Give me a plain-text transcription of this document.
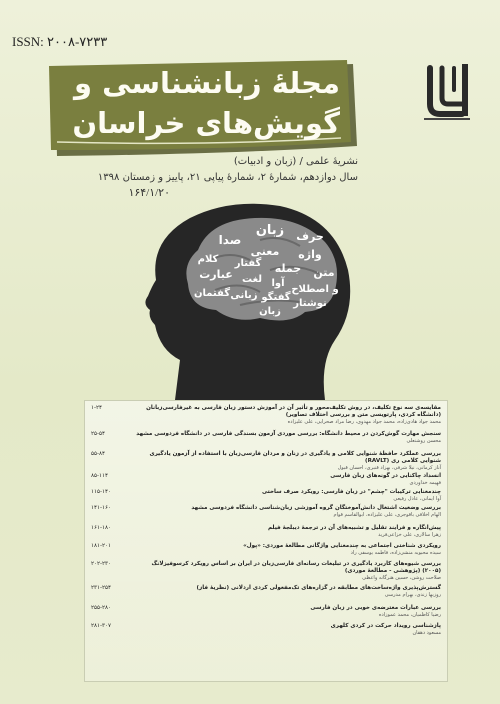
ISSN: ۲۰۰۸-۷۲۳۳
مجلۀ زبانشناسی و
گویش‌های خراسان
نشریۀ علمی / (زبان و ادبیات)
سال دوازدهم، شمارۀ ۲، شمارۀ پیاپی ۲۱، پاییز و زمستان ۱۳۹۸
۱۶۴/۱/۲۰
زبان حرف
صدا
معنی واژه
کلام گفتار جمله متن
عبارت لغت آوا
و اصطلاح
گفتمان زبانی گفتگو
نوشتار
زبان
مقایسه‌ی سه نوع تکلیف، در روش تکلیف‌محور و تأثیر آن در آموزش دستور زبان فارسی به غیرفارسی‌زبانان (دانشگاه کردی، پارتویسی متن و بررسی اختلاف تصاویر)
محمد جواد هادی‌زاده، محمد جواد مهدوی، رضا مراد صحرایی، علی علیزاده
۱-۲۴
سنجش مهارت گوش‌کردن در محیط دانشگاه: بررسی موردی آزمون بسندگی فارسی در دانشگاه فردوسی مشهد
محسن روشنعلی
۲۵-۵۴
بررسی عملکرد حافظۀ شنوایی کلامی و یادگیری در زنان و مردان فارسی‌زبان با استفاده از آزمون یادگیری شنوایی کلامی ری (RAVLT)
آناز کرمانی، نیلا شرفی، بهزاد قنبری، احسان قبول
۵۵-۸۴
انسداد چاکنایی در گونه‌های زبان فارسی
فهیمه خداوردی
۸۵-۱۱۴
چندمعنایی ترکیبات "چشم" در زبان فارسی: رویکرد صرف ساختی
آوا ایمانی، عادل رفیعی
۱۱۵-۱۴۰
بررسی وضعیت اشتغال دانش‌آموختگان گروه آموزشی زبان‌شناسی دانشگاه فردوسی مشهد
الهام اخلاقی باقوجری، علی علیزاده، ابوالقاسم قوام
۱۴۱-۱۶۰
پیش‌انگاره و فرایند تقلیل و تشبیه‌های آن در ترجمۀ دیبلجۀ فیلم
زهرا سالاری، علی خزاعی‌فرید
۱۶۱-۱۸۰
رویکردی شناختی اجتماعی به چندمعنایی واژگانی مطالعۀ موردی: «پول»
سیده محبوبه منشی‌زاده، فاطمه یوسفی راد
۱۸۱-۲۰۱
بررسی شیوه‌های کاربرد یادگیری در تبلیغات رسانه‌ای فارسی‌زبان در ایران بر اساس رویکرد کرسوفیزلانگ (۲۰۰۵) (پژوهشی - مطالعۀ موردی)
صلاحت روشن، حسین هنرگانه واعظی
۲۰۲-۲۳۰
گسترش‌پذیری واژه‌ساخت‌های مطابقه در گزاره‌های تک‌مفعولی کردی اردلانی (نظریۀ فاز)
روزبها زندی، بهرام مدرسی
۲۳۱-۲۵۴
بررسی عبارات معترضه‌ی خوبی در زبان فارسی
رضیا کاظمیان، محمد عموزاده
۲۵۵-۲۸۰
پازشناسی رویداد حرکت در کردی کلهری
مسعود دهقان
۲۸۱-۳۰۷
